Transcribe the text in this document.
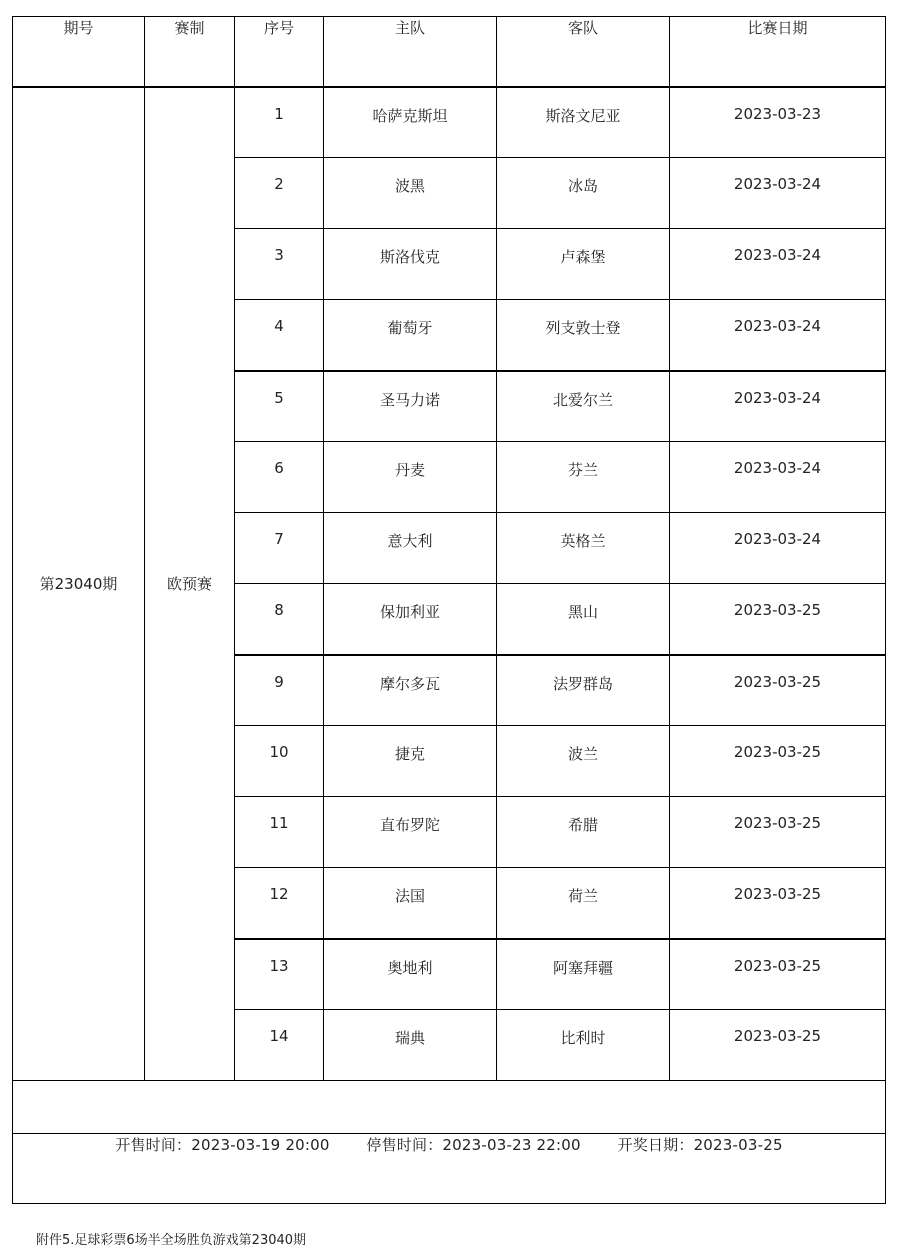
期号	赛制	序号	主队	客队	比赛日期
第23040期	欧预赛	1	哈萨克斯坦	斯洛文尼亚	2023-03-23
		2	波黑	冰岛	2023-03-24
		3	斯洛伐克	卢森堡	2023-03-24
		4	葡萄牙	列支敦士登	2023-03-24
		5	圣马力诺	北爱尔兰	2023-03-24
		6	丹麦	芬兰	2023-03-24
		7	意大利	英格兰	2023-03-24
		8	保加利亚	黑山	2023-03-25
		9	摩尔多瓦	法罗群岛	2023-03-25
		10	捷克	波兰	2023-03-25
		11	直布罗陀	希腊	2023-03-25
		12	法国	荷兰	2023-03-25
		13	奥地利	阿塞拜疆	2023-03-25
		14	瑞典	比利时	2023-03-25

开售时间：2023-03-19 20:00 停售时间：2023-03-23 22:00 开奖日期：2023-03-25					
附件5.足球彩票6场半全场胜负游戏第23040期
